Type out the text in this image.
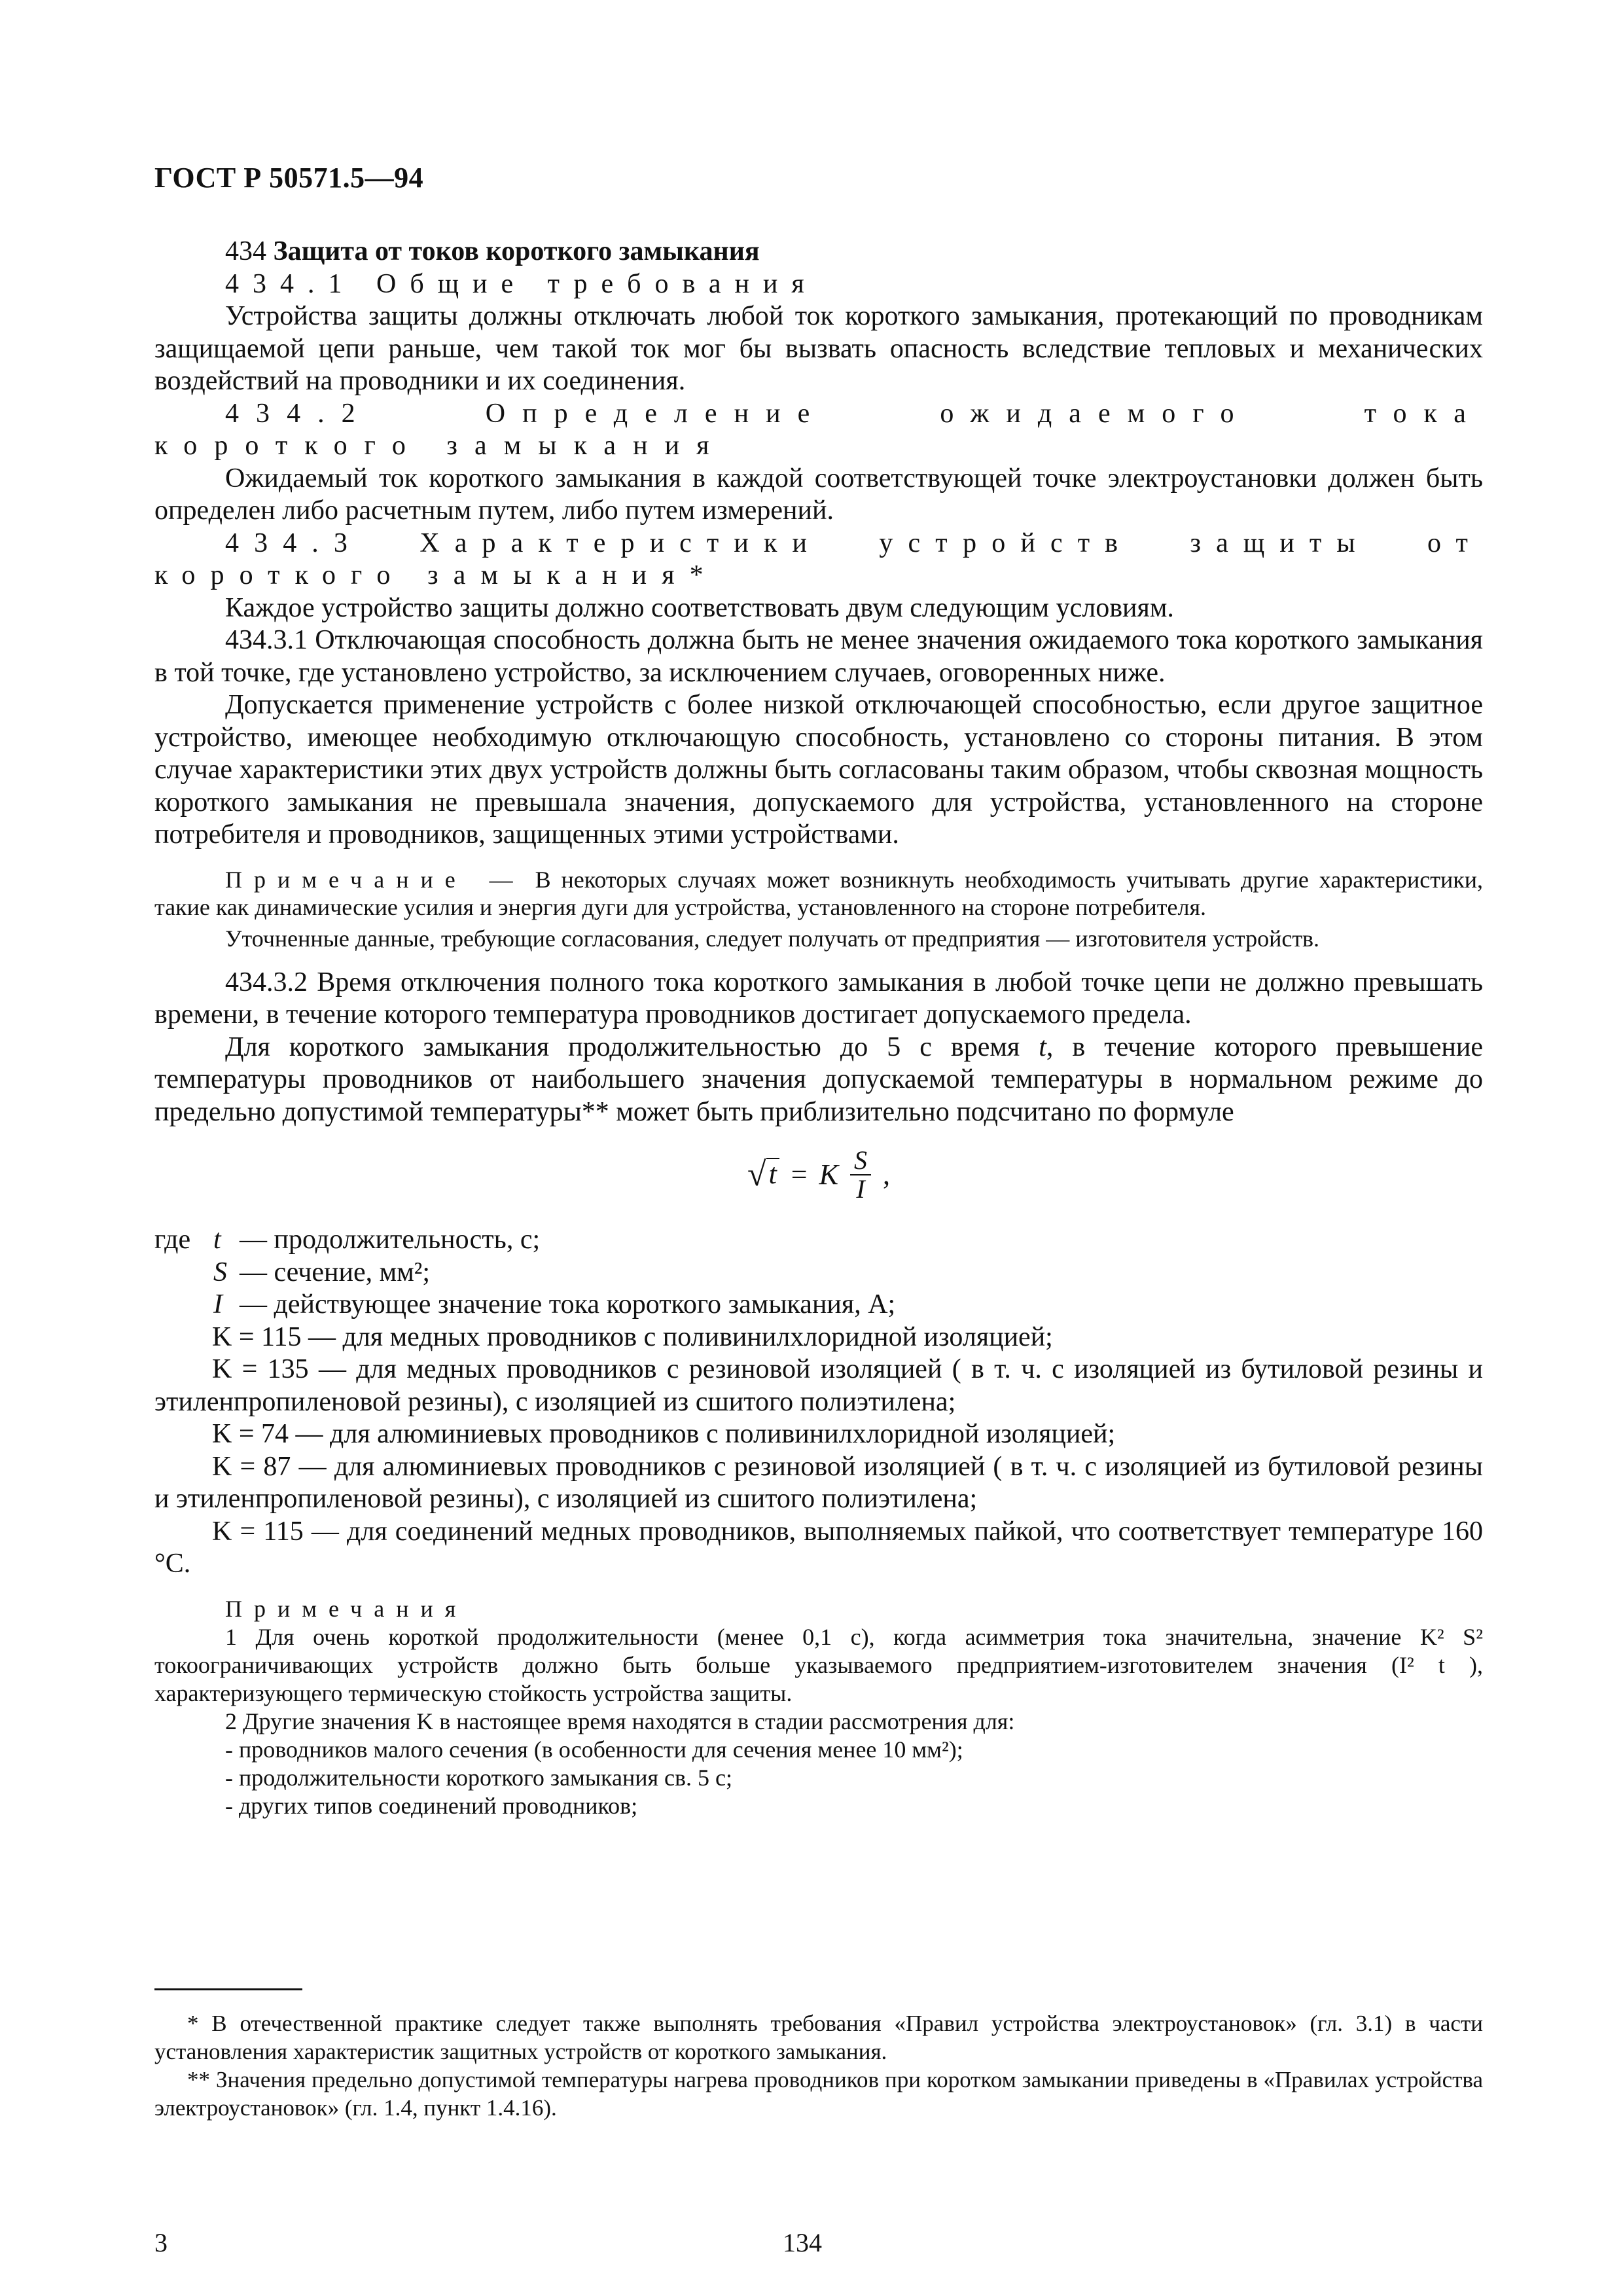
ГОСТ Р 50571.5—94

434 Защита от токов короткого замыкания

434.1 Общие требования

Устройства защиты должны отключать любой ток короткого замыкания, протекающий по проводникам защищаемой цепи раньше, чем такой ток мог бы вызвать опасность вследствие тепловых и механических воздействий на проводники и их соединения.

434.2 Определение ожидаемого тока короткого замыкания

Ожидаемый ток короткого замыкания в каждой соответствующей точке электроустановки должен быть определен либо расчетным путем, либо путем измерений.

434.3 Характеристики устройств защиты от короткого замыкания*

Каждое устройство защиты должно соответствовать двум следующим условиям.

434.3.1 Отключающая способность должна быть не менее значения ожидаемого тока короткого замыкания в той точке, где установлено устройство, за исключением случаев, оговоренных ниже.

Допускается применение устройств с более низкой отключающей способностью, если другое защитное устройство, имеющее необходимую отключающую способность, установлено со стороны питания. В этом случае характеристики этих двух устройств должны быть согласованы таким образом, чтобы сквозная мощность короткого замыкания не превышала значения, допускаемого для устройства, установленного на стороне потребителя и проводников, защищенных этими устройствами.

Примечание — В некоторых случаях может возникнуть необходимость учитывать другие характеристики, такие как динамические усилия и энергия дуги для устройства, установленного на стороне потребителя.

Уточненные данные, требующие согласования, следует получать от предприятия — изготовителя устройств.

434.3.2 Время отключения полного тока короткого замыкания в любой точке цепи не должно превышать времени, в течение которого температура проводников достигает допускаемого предела.

Для короткого замыкания продолжительностью до 5 с время t, в течение которого превышение температуры проводников от наибольшего значения допускаемой температуры в нормальном режиме до предельно допустимой температуры** может быть приблизительно подсчитано по формуле

√ t = K $\frac{S}{I}$ ,

где t — продолжительность, с;
S — сечение, мм²;
I — действующее значение тока короткого замыкания, А;

K = 115 — для медных проводников с поливинилхлоридной изоляцией;

K = 135 — для медных проводников с резиновой изоляцией ( в т. ч. с изоляцией из бутиловой резины и этиленпропиленовой резины), с изоляцией из сшитого полиэтилена;

K = 74 — для алюминиевых проводников с поливинилхлоридной изоляцией;

K = 87 — для алюминиевых проводников с резиновой изоляцией ( в т. ч. с изоляцией из бутиловой резины и этиленпропиленовой резины), с изоляцией из сшитого полиэтилена;

K = 115 — для соединений медных проводников, выполняемых пайкой, что соответствует температуре 160 °С.

Примечания

1 Для очень короткой продолжительности (менее 0,1 с), когда асимметрия тока значительна, значение K² S² токоограничивающих устройств должно быть больше указываемого предприятием-изготовителем значения (I² t ), характеризующего термическую стойкость устройства защиты.

2 Другие значения K в настоящее время находятся в стадии рассмотрения для:

- проводников малого сечения (в особенности для сечения менее 10 мм²);

- продолжительности короткого замыкания св. 5 с;

- других типов соединений проводников;

* В отечественной практике следует также выполнять требования «Правил устройства электроустановок» (гл. 3.1) в части установления характеристик защитных устройств от короткого замыкания.

** Значения предельно допустимой температуры нагрева проводников при коротком замыкании приведены в «Правилах устройства электроустановок» (гл. 1.4, пункт 1.4.16).

3	134
